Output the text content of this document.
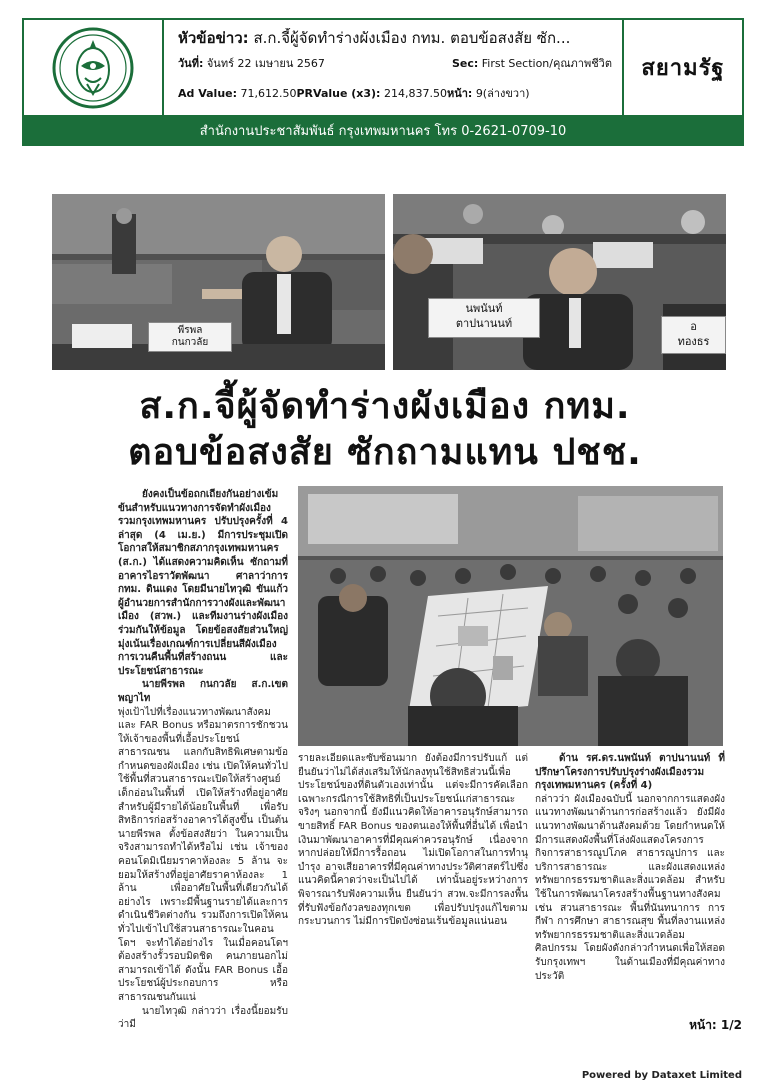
หัวข้อข่าว: ส.ก.จี้ผู้จัดทำร่างผังเมือง กทม. ตอบข้อสงสัย ซัก...
วันที่: จันทร์ 22 เมษายน 2567	Sec: First Section/คุณภาพชีวิต
Ad Value: 71,612.50PRValue (x3): 214,837.50หน้า: 9(ล่างขวา)
สยามรัฐ
สำนักงานประชาสัมพันธ์ กรุงเทพมหานคร โทร 0-2621-0709-10
พีรพล
กนกวลัย
นพนันท์
ตาปนานนท์	อ
ทองธร
ส.ก.จี้ผู้จัดทำร่างผังเมือง กทม.
ตอบข้อสงสัย ซักถามแทน ปชช.

ยังคงเป็นข้อถกเถียงกันอย่างเข้มข้นสำหรับแนวทางการจัดทำผังเมืองรวมกรุงเทพมหานคร ปรับปรุงครั้งที่ 4 ล่าสุด (4 เม.ย.) มีการประชุมเปิดโอกาสให้สมาชิกสภากรุงเทพมหานคร (ส.ก.) ได้แสดงความคิดเห็น ซักถามที่อาคารไอราวัตพัฒนา ศาลาว่าการ กทม. ดินแดง โดยมีนายไทวุฒิ ขันแก้ว ผู้อำนวยการสำนักการวางผังและพัฒนาเมือง (สวพ.) และทีมงานร่างผังเมือง ร่วมกันให้ข้อมูล โดยข้อสงสัยส่วนใหญ่มุ่งเน้นเรื่องเกณฑ์การเปลี่ยนสีผังเมือง การเวนคืนพื้นที่สร้างถนน และประโยชน์สาธารณะ

นายพีรพล กนกวลัย ส.ก.เขตพญาไท

พุ่งเป้าไปที่เรื่องแนวทางพัฒนาสังคม และ FAR Bonus หรือมาตรการชักชวนให้เจ้าของพื้นที่เอื้อประโยชน์สาธารณชน แลกกับสิทธิพิเศษตามข้อกำหนดของผังเมือง เช่น เปิดให้คนทั่วไปใช้พื้นที่สวนสาธารณะเปิดให้สร้างศูนย์เด็กอ่อนในพื้นที่ เปิดให้สร้างที่อยู่อาศัยสำหรับผู้มีรายได้น้อยในพื้นที่ เพื่อรับสิทธิการก่อสร้างอาคารได้สูงขึ้น เป็นต้น นายพีรพล ตั้งข้อสงสัยว่า ในความเป็นจริงสามารถทำได้หรือไม่ เช่น เจ้าของคอนโดมิเนียมราคาห้องละ 5 ล้าน จะยอมให้สร้างที่อยู่อาศัยราคาห้องละ 1 ล้าน เพื่ออาศัยในพื้นที่เดียวกันได้อย่างไร เพราะมีพื้นฐานรายได้และการดำเนินชีวิตต่างกัน รวมถึงการเปิดให้คนทั่วไปเข้าไปใช้สวนสาธารณะในคอนโดฯ จะทำได้อย่างไร ในเมื่อคอนโดฯ ต้องสร้างรั้วรอบมิดชิด คนภายนอกไม่สามารถเข้าได้ ดังนั้น FAR Bonus เอื้อประโยชน์ผู้ประกอบการ หรือสาธารณชนกันแน่

นายไทวุฒิ กล่าวว่า เรื่องนี้ยอมรับว่ามี

รายละเอียดและซับซ้อนมาก ยังต้องมีการปรับแก้ แต่ยืนยันว่าไม่ได้ส่งเสริมให้นักลงทุนใช้สิทธิส่วนนี้เพื่อประโยชน์ของที่ดินตัวเองเท่านั้น แต่จะมีการคัดเลือกเฉพาะกรณีการใช้สิทธิที่เป็นประโยชน์แก่สาธารณะจริงๆ นอกจากนี้ ยังมีแนวคิดให้อาคารอนุรักษ์สามารถขายสิทธิ์ FAR Bonus ของตนเองให้พื้นที่อื่นได้ เพื่อนำเงินมาพัฒนาอาคารที่มีคุณค่าควรอนุรักษ์ เนื่องจากหากปล่อยให้มีการรื้อถอน ไม่เปิดโอกาสในการทำนุบำรุง อาจเสียอาคารที่มีคุณค่าทางประวัติศาสตร์ไปซึ่งแนวคิดนี้คาดว่าจะเป็นไปได้ เท่านั้นอยู่ระหว่างการพิจารณารับฟังความเห็น ยืนยันว่า สวพ.จะมีการลงพื้นที่รับฟังข้อกังวลของทุกเขต เพื่อปรับปรุงแก้ไขตามกระบวนการ ไม่มีการปิดบังซ่อนเร้นข้อมูลแน่นอน

ด้าน รศ.ดร.นพนันท์ ตาปนานนท์ ที่ปรึกษาโครงการปรับปรุงร่างผังเมืองรวมกรุงเทพมหานคร (ครั้งที่ 4)

กล่าวว่า ผังเมืองฉบับนี้ นอกจากการแสดงผังแนวทางพัฒนาด้านการก่อสร้างแล้ว ยังมีผังแนวทางพัฒนาด้านสังคมด้วย โดยกำหนดให้มีการแสดงผังพื้นที่โล่งผังแสดงโครงการกิจการสาธารณูปโภค สาธารณูปการ และบริการสาธารณะ และผังแสดงแหล่งทรัพยากรธรรมชาติและสิ่งแวดล้อม สำหรับใช้ในการพัฒนาโครงสร้างพื้นฐานทางสังคม เช่น สวนสาธารณะ พื้นที่นันทนาการ การกีฬา การศึกษา สาธารณสุข พื้นที่ลงานแหล่งทรัพยากรธรรมชาติและสิ่งแวดล้อม ศิลปกรรม โดยผังดังกล่าวกำหนดเพื่อให้สอดรับกรุงเทพฯ ในด้านเมืองที่มีคุณค่าทางประวัติ

หน้า: 1/2
Powered by Dataxet Limited
